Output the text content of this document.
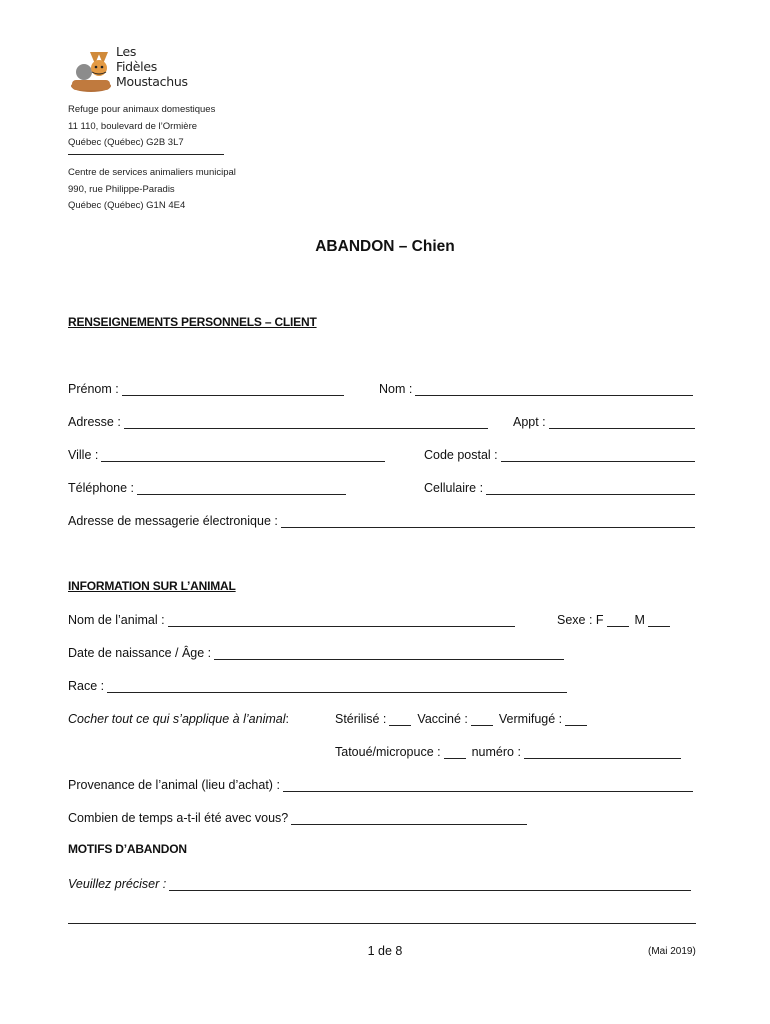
Les
Fidèles
Moustachus
Refuge pour animaux domestiques
11 110, boulevard de l’Ormière
Québec (Québec) G2B 3L7
Centre de services animaliers municipal
990, rue Philippe-Paradis
Québec (Québec) G1N 4E4
ABANDON – Chien
RENSEIGNEMENTS PERSONNELS – CLIENT
Prénom :	Nom :
Adresse :	Appt :
Ville :	Code postal :
Téléphone :	Cellulaire :
Adresse de messagerie électronique :
INFORMATION SUR L’ANIMAL
Nom de l’animal :	Sexe : F M
Date de naissance / Âge :
Race :
Cocher tout ce qui s’applique à l’animal :	Stérilisé : Vacciné : Vermifugé :
Tatoué/micropuce : numéro :
Provenance de l’animal (lieu d’achat) :
Combien de temps a-t-il été avec vous?
MOTIFS D’ABANDON
Veuillez préciser :
1 de 8	(Mai 2019)
